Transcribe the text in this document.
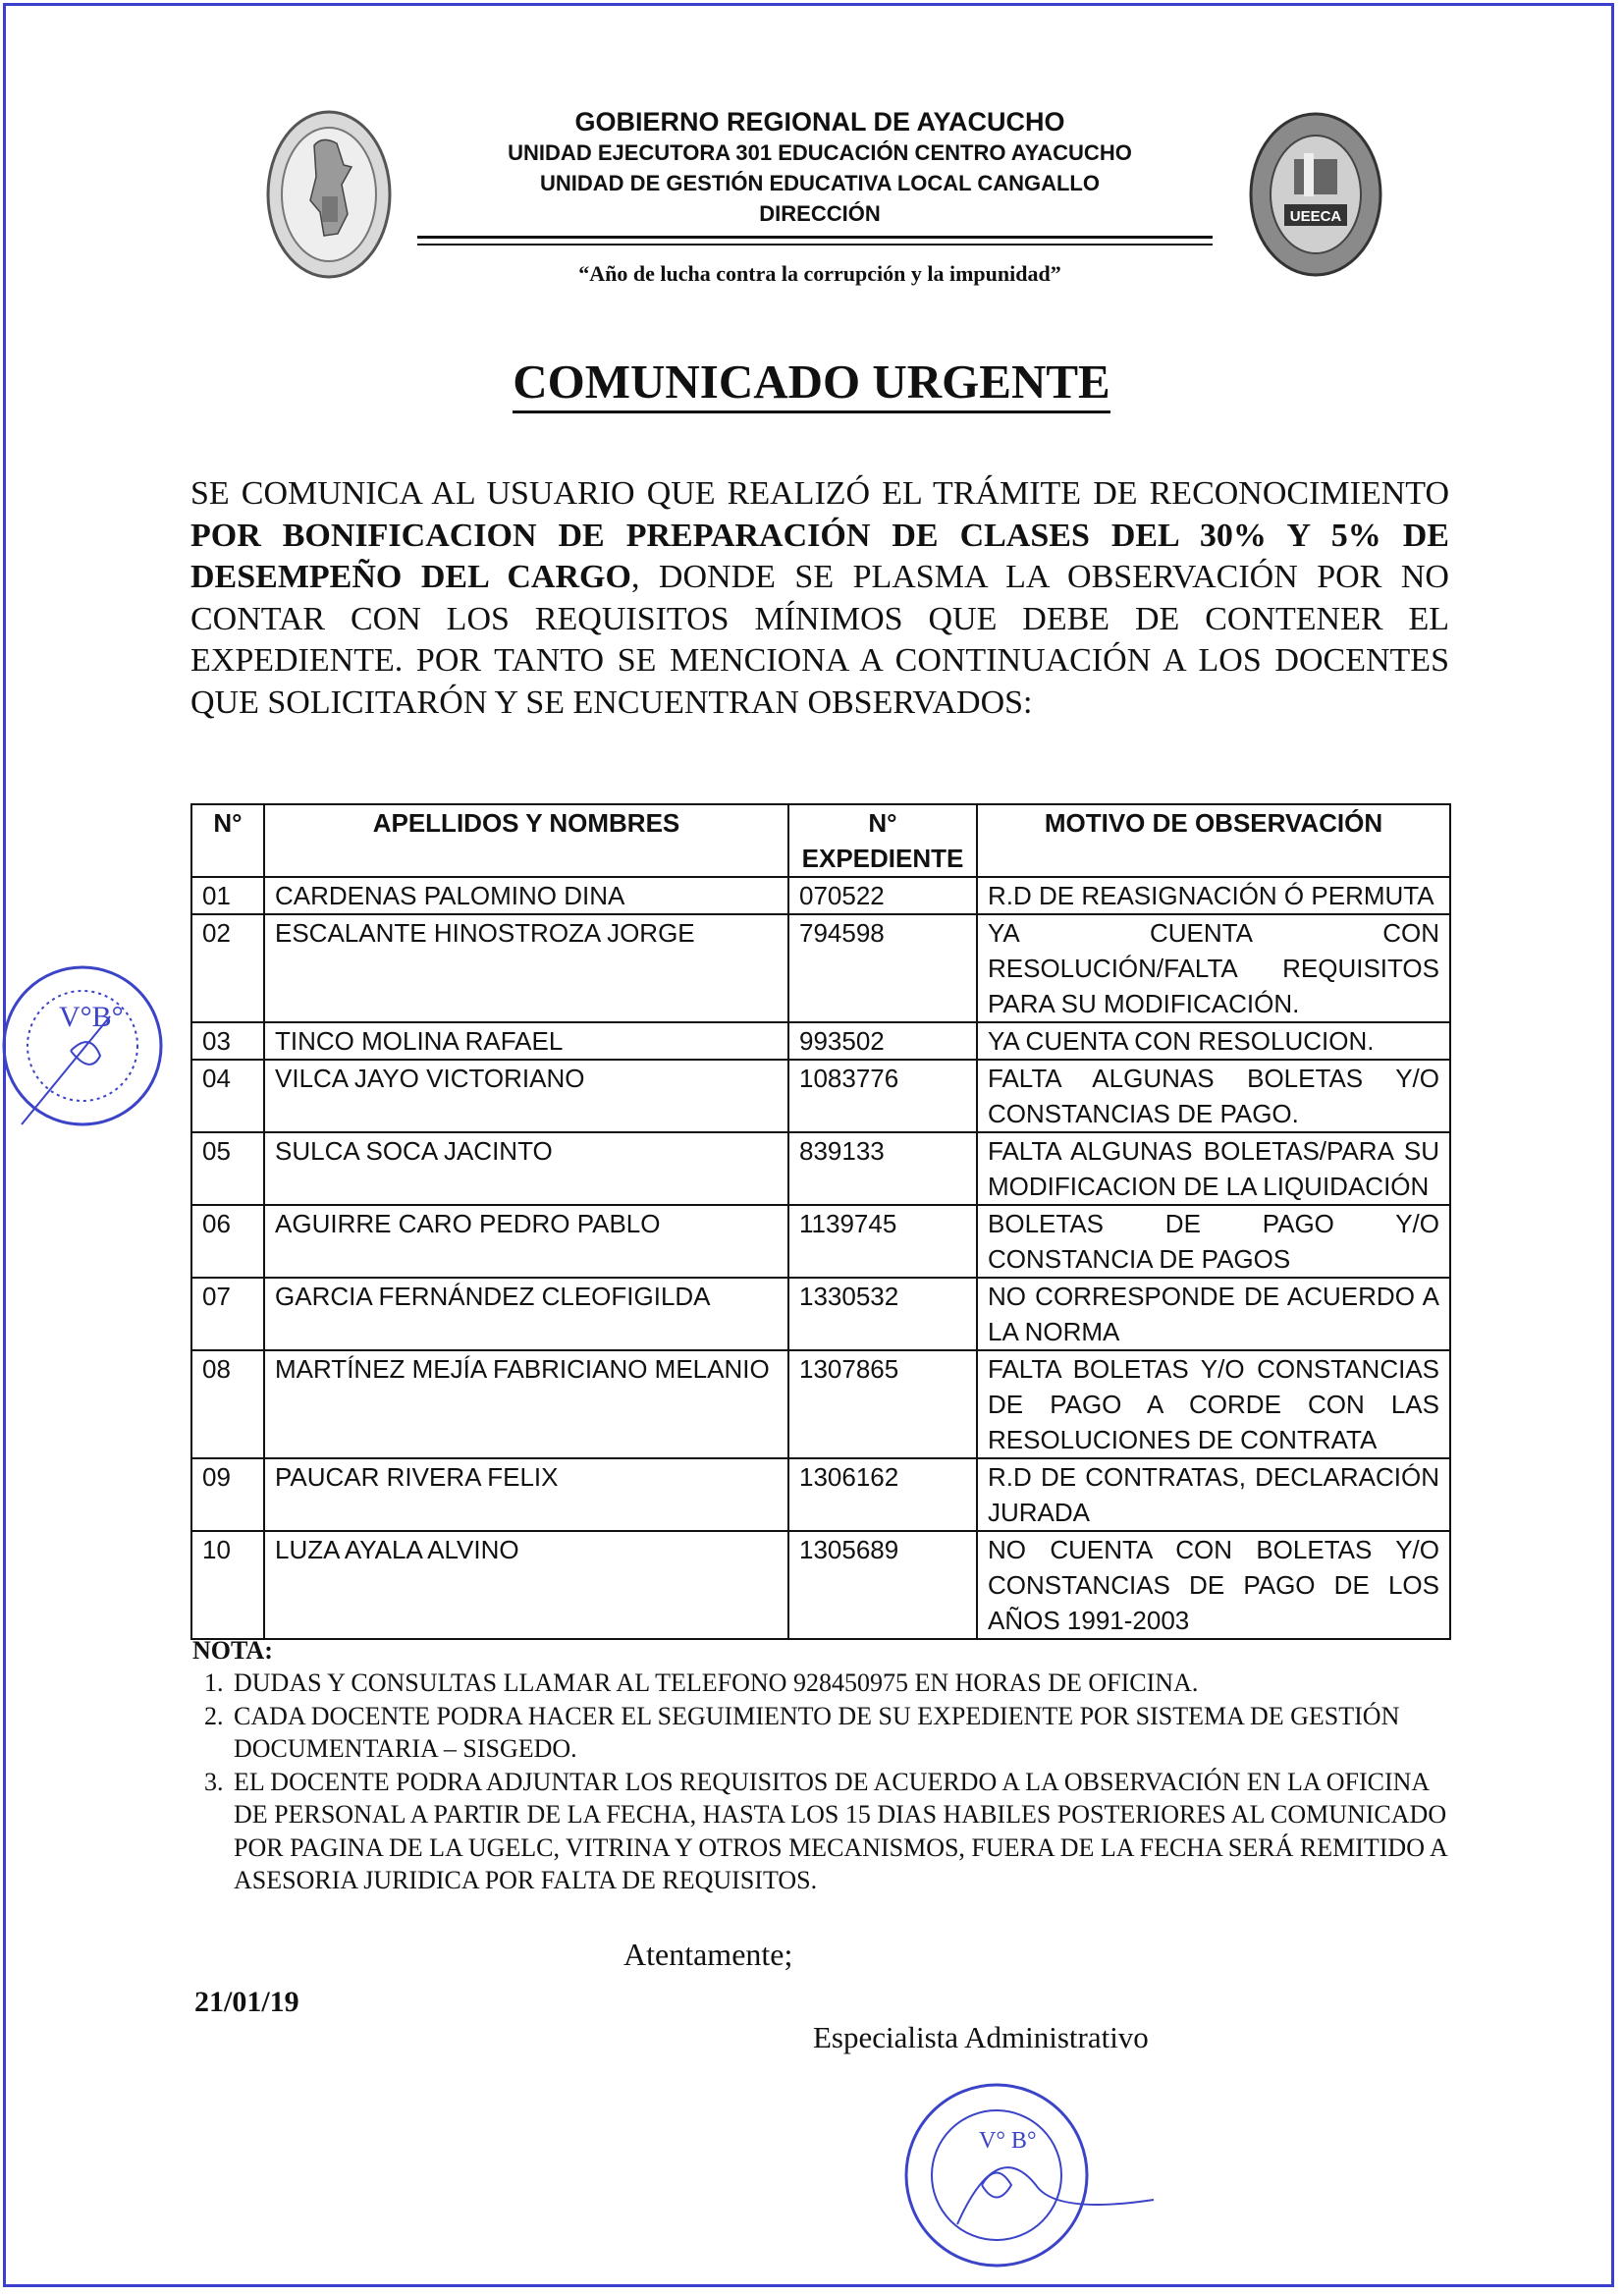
GOBIERNO REGIONAL DE AYACUCHO
UNIDAD EJECUTORA 301 EDUCACIÓN CENTRO AYACUCHO
UNIDAD DE GESTIÓN EDUCATIVA LOCAL CANGALLO
DIRECCIÓN
“Año de lucha contra la corrupción y la impunidad”
UEECA
COMUNICADO URGENTE
SE COMUNICA AL USUARIO QUE REALIZÓ EL TRÁMITE DE RECONOCIMIENTO POR BONIFICACION DE PREPARACIÓN DE CLASES DEL 30% Y 5% DE DESEMPEÑO DEL CARGO, DONDE SE PLASMA LA OBSERVACIÓN POR NO CONTAR CON LOS REQUISITOS MÍNIMOS QUE DEBE DE CONTENER EL EXPEDIENTE. POR TANTO SE MENCIONA A CONTINUACIÓN A LOS DOCENTES QUE SOLICITARÓN Y SE ENCUENTRAN OBSERVADOS:
N°	APELLIDOS Y NOMBRES	N° EXPEDIENTE	MOTIVO DE OBSERVACIÓN
01	CARDENAS PALOMINO DINA	070522	R.D DE REASIGNACIÓN Ó PERMUTA
02	ESCALANTE HINOSTROZA JORGE	794598	YA CUENTA CON RESOLUCIÓN/FALTA REQUISITOS PARA SU MODIFICACIÓN.
03	TINCO MOLINA RAFAEL	993502	YA CUENTA CON RESOLUCION.
04	VILCA JAYO VICTORIANO	1083776	FALTA ALGUNAS BOLETAS Y/O CONSTANCIAS DE PAGO.
05	SULCA SOCA JACINTO	839133	FALTA ALGUNAS BOLETAS/PARA SU MODIFICACION DE LA LIQUIDACIÓN
06	AGUIRRE CARO PEDRO PABLO	1139745	BOLETAS DE PAGO Y/O CONSTANCIA DE PAGOS
07	GARCIA FERNÁNDEZ CLEOFIGILDA	1330532	NO CORRESPONDE DE ACUERDO A LA NORMA
08	MARTÍNEZ MEJÍA FABRICIANO MELANIO	1307865	FALTA BOLETAS Y/O CONSTANCIAS DE PAGO A CORDE CON LAS RESOLUCIONES DE CONTRATA
09	PAUCAR RIVERA FELIX	1306162	R.D DE CONTRATAS, DECLARACIÓN JURADA
10	LUZA AYALA ALVINO	1305689	NO CUENTA CON BOLETAS Y/O CONSTANCIAS DE PAGO DE LOS AÑOS 1991-2003
NOTA:
1. DUDAS Y CONSULTAS LLAMAR AL TELEFONO 928450975 EN HORAS DE OFICINA.
2. CADA DOCENTE PODRA HACER EL SEGUIMIENTO DE SU EXPEDIENTE POR SISTEMA DE GESTIÓN DOCUMENTARIA – SISGEDO.
3. EL DOCENTE PODRA ADJUNTAR LOS REQUISITOS DE ACUERDO A LA OBSERVACIÓN EN LA OFICINA DE PERSONAL A PARTIR DE LA FECHA, HASTA LOS 15 DIAS HABILES POSTERIORES AL COMUNICADO POR PAGINA DE LA UGELC, VITRINA Y OTROS MECANISMOS, FUERA DE LA FECHA SERÁ REMITIDO A ASESORIA JURIDICA POR FALTA DE REQUISITOS.
Atentamente;
21/01/19
Especialista Administrativo
V°B°
V° B°
